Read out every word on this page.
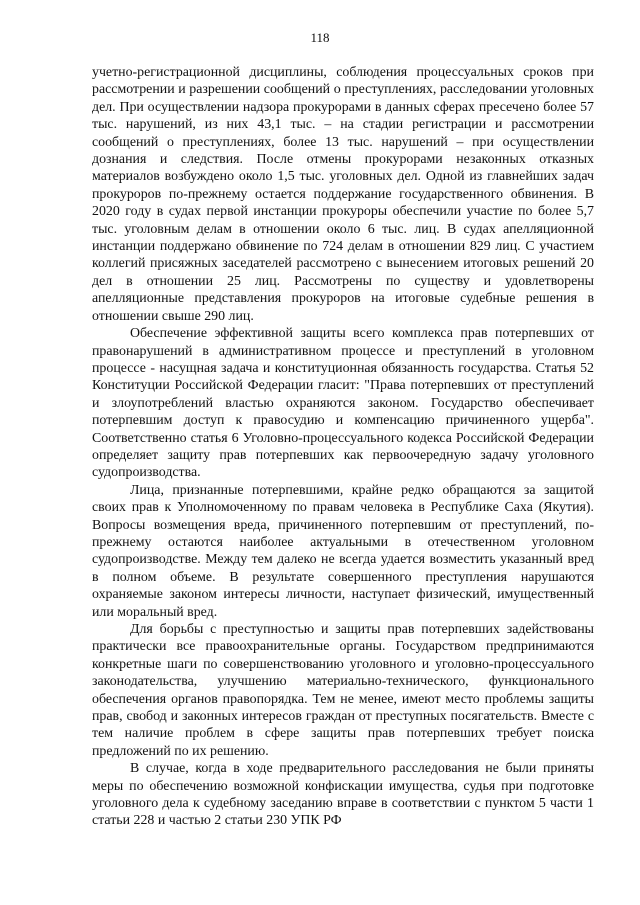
118

учетно-регистрационной дисциплины, соблюдения процессуальных сроков при рассмотрении и разрешении сообщений о преступлениях, расследовании уголовных дел. При осуществлении надзора прокурорами в данных сферах пресечено более 57 тыс. нарушений, из них 43,1 тыс. – на стадии регистрации и рассмотрении сообщений о преступлениях, более 13 тыс. нарушений – при осуществлении дознания и следствия. После отмены прокурорами незаконных отказных материалов возбуждено около 1,5 тыс. уголовных дел. Одной из главнейших задач прокуроров по-прежнему остается поддержание государственного обвинения. В 2020 году в судах первой инстанции прокуроры обеспечили участие по более 5,7 тыс. уголовным делам в отношении около 6 тыс. лиц. В судах апелляционной инстанции поддержано обвинение по 724 делам в отношении 829 лиц. С участием коллегий присяжных заседателей рассмотрено с вынесением итоговых решений 20 дел в отношении 25 лиц. Рассмотрены по существу и удовлетворены апелляционные представления прокуроров на итоговые судебные решения в отношении свыше 290 лиц.

Обеспечение эффективной защиты всего комплекса прав потерпевших от правонарушений в административном процессе и преступлений в уголовном процессе - насущная задача и конституционная обязанность государства. Статья 52 Конституции Российской Федерации гласит: "Права потерпевших от преступлений и злоупотреблений властью охраняются законом. Государство обеспечивает потерпевшим доступ к правосудию и компенсацию причиненного ущерба". Соответственно статья 6 Уголовно-процессуального кодекса Российской Федерации определяет защиту прав потерпевших как первоочередную задачу уголовного судопроизводства.

Лица, признанные потерпевшими, крайне редко обращаются за защитой своих прав к Уполномоченному по правам человека в Республике Саха (Якутия). Вопросы возмещения вреда, причиненного потерпевшим от преступлений, по-прежнему остаются наиболее актуальными в отечественном уголовном судопроизводстве. Между тем далеко не всегда удается возместить указанный вред в полном объеме. В результате совершенного преступления нарушаются охраняемые законом интересы личности, наступает физический, имущественный или моральный вред.

Для борьбы с преступностью и защиты прав потерпевших задействованы практически все правоохранительные органы. Государством предпринимаются конкретные шаги по совершенствованию уголовного и уголовно-процессуального законодательства, улучшению материально-технического, функционального обеспечения органов правопорядка. Тем не менее, имеют место проблемы защиты прав, свобод и законных интересов граждан от преступных посягательств. Вместе с тем наличие проблем в сфере защиты прав потерпевших требует поиска предложений по их решению.

В случае, когда в ходе предварительного расследования не были приняты меры по обеспечению возможной конфискации имущества, судья при подготовке уголовного дела к судебному заседанию вправе в соответствии с пунктом 5 части 1 статьи 228 и частью 2 статьи 230 УПК РФ
